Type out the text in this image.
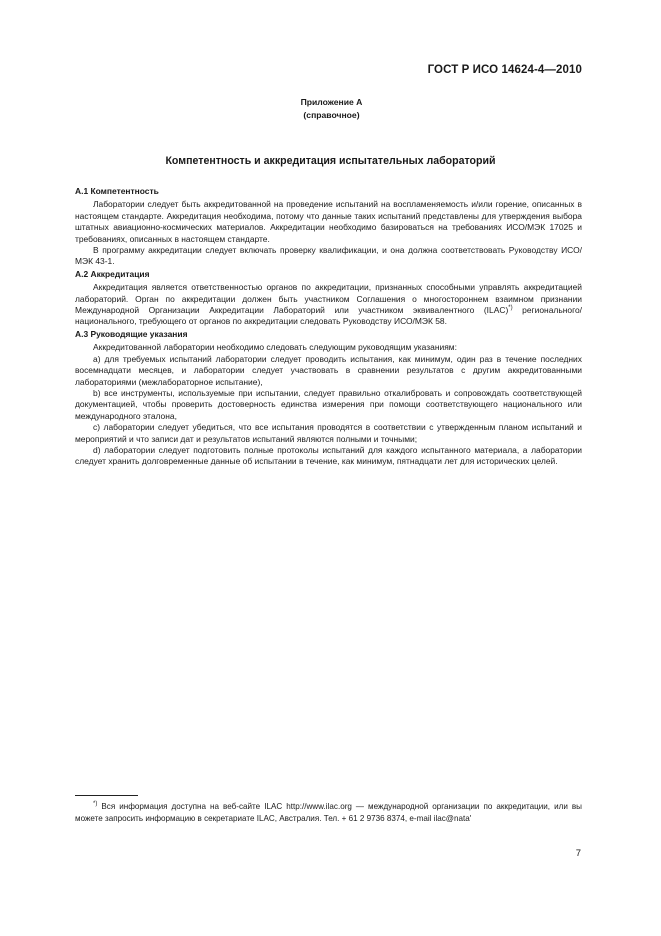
ГОСТ Р ИСО 14624-4—2010
Приложение А
(справочное)
Компетентность и аккредитация испытательных лабораторий
А.1 Компетентность

Лаборатории следует быть аккредитованной на проведение испытаний на воспламеняемость и/или горение, описанных в настоящем стандарте. Аккредитация необходима, потому что данные таких испытаний представлены для утверждения выбора штатных авиационно-космических материалов. Аккредитации необходимо базироваться на требованиях ИСО/МЭК 17025 и требованиях, описанных в настоящем стандарте.

В программу аккредитации следует включать проверку квалификации, и она должна соответствовать Руководству ИСО/МЭК 43-1.

А.2 Аккредитация

Аккредитация является ответственностью органов по аккредитации, признанных способными управлять аккредитацией лабораторий. Орган по аккредитации должен быть участником Соглашения о многостороннем взаимном признании Международной Организации Аккредитации Лабораторий или участником эквивалентного (ILAC)*) регионального/национального, требующего от органов по аккредитации следовать Руководству ИСО/МЭК 58.

А.3 Руководящие указания

Аккредитованной лаборатории необходимо следовать следующим руководящим указаниям:

а) для требуемых испытаний лаборатории следует проводить испытания, как минимум, один раз в течение последних восемнадцати месяцев, и лаборатории следует участвовать в сравнении результатов с другим аккредитованными лабораториями (межлабораторное испытание),

b) все инструменты, используемые при испытании, следует правильно откалибровать и сопровождать соответствующей документацией, чтобы проверить достоверность единства измерения при помощи соответствующего национального или международного эталона,

c) лаборатории следует убедиться, что все испытания проводятся в соответствии с утвержденным планом испытаний и мероприятий и что записи дат и результатов испытаний являются полными и точными;

d) лаборатории следует подготовить полные протоколы испытаний для каждого испытанного материала, а лаборатории следует хранить долговременные данные об испытании в течение, как минимум, пятнадцати лет для исторических целей.

*) Вся информация доступна на веб-сайте ILAC http://www.ilac.org — международной организации по аккредитации, или вы можете запросить информацию в секретариате ILAC, Австралия. Тел. + 61 2 9736 8374, e-mail ilac@nata'
7
